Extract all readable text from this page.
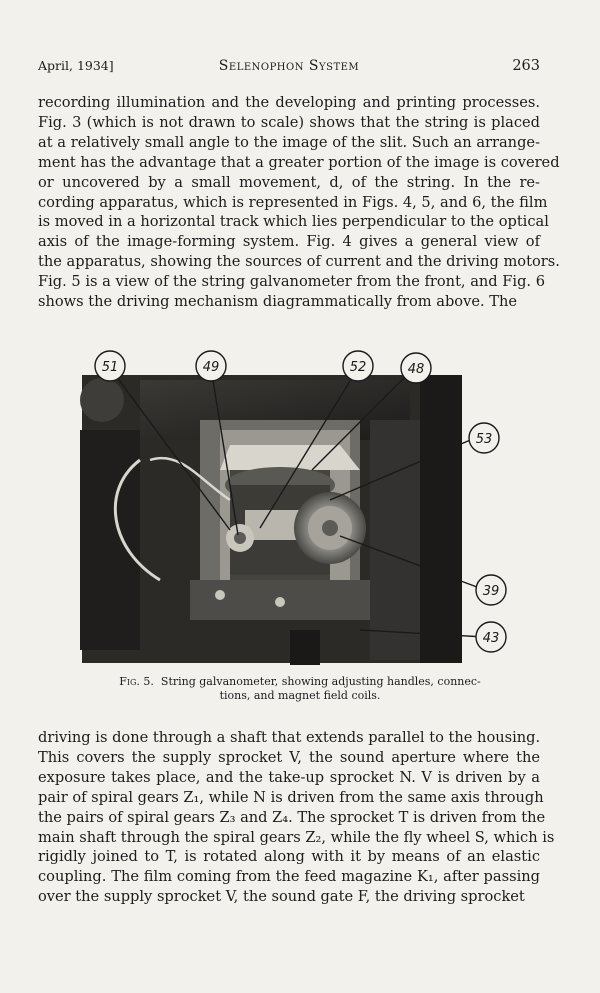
April, 1934]	Selenophon System	263
recording illumination and the developing and printing processes.
Fig. 3 (which is not drawn to scale) shows that the string is placed
at a relatively small angle to the image of the slit. Such an arrange-
ment has the advantage that a greater portion of the image is covered
or uncovered by a small movement, d, of the string. In the re-
cording apparatus, which is represented in Figs. 4, 5, and 6, the film
is moved in a horizontal track which lies perpendicular to the optical
axis of the image-forming system. Fig. 4 gives a general view of
the apparatus, showing the sources of current and the driving motors.
Fig. 5 is a view of the string galvanometer from the front, and Fig. 6
shows the driving mechanism diagrammatically from above. The
51	49	52	48
53
39
43
Fig. 5. String galvanometer, showing adjusting handles, connec-
tions, and magnet field coils.
driving is done through a shaft that extends parallel to the housing.
This covers the supply sprocket V, the sound aperture where the
exposure takes place, and the take-up sprocket N. V is driven by a
pair of spiral gears Z₁, while N is driven from the same axis through
the pairs of spiral gears Z₃ and Z₄. The sprocket T is driven from the
main shaft through the spiral gears Z₂, while the fly wheel S, which is
rigidly joined to T, is rotated along with it by means of an elastic
coupling. The film coming from the feed magazine K₁, after passing
over the supply sprocket V, the sound gate F, the driving sprocket
